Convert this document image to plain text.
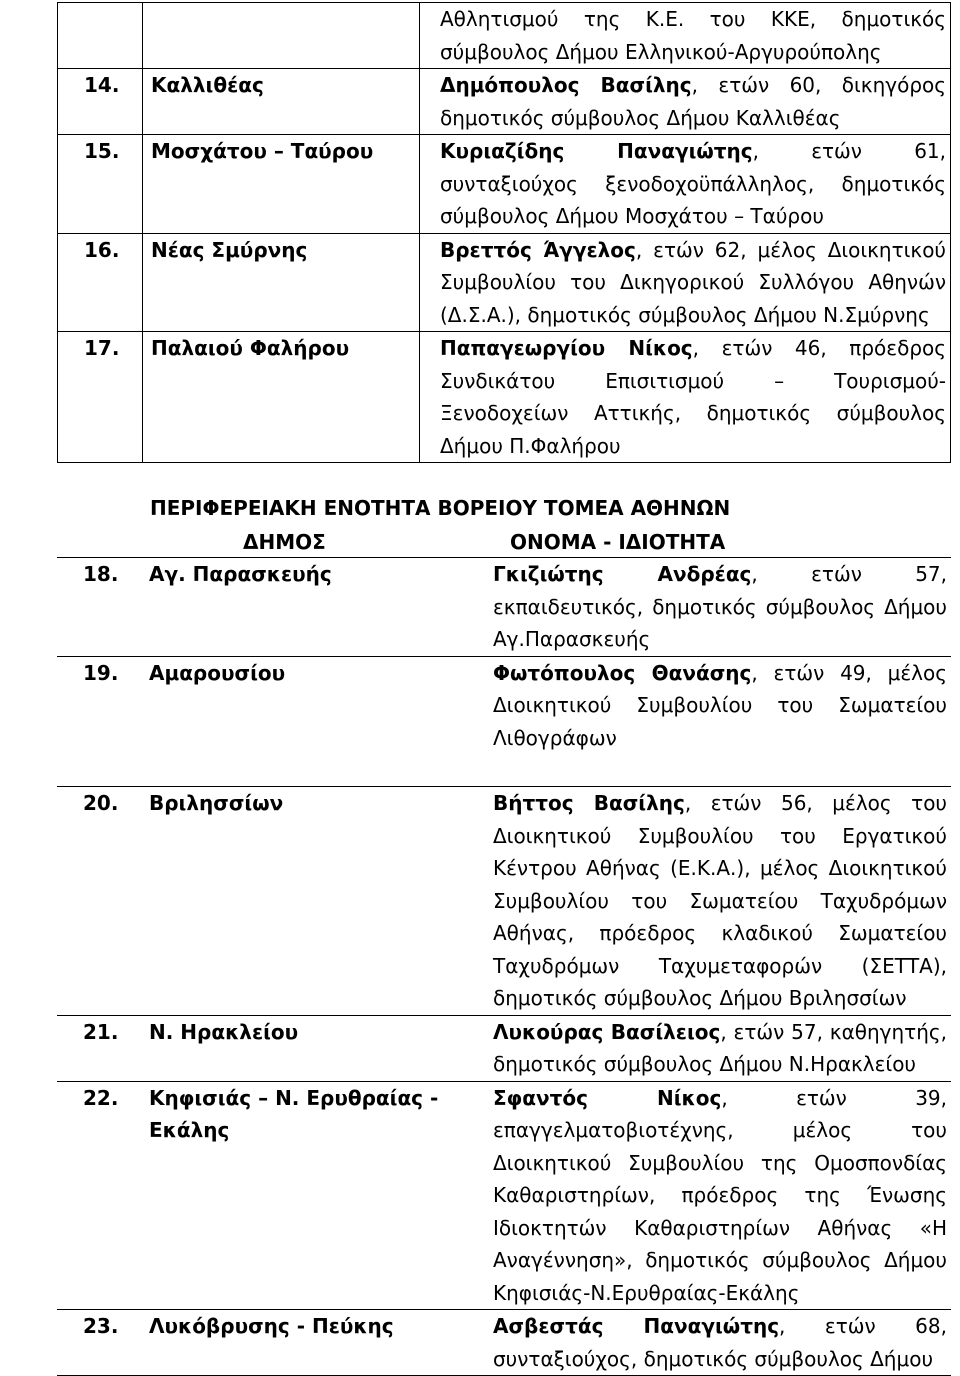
		Αθλητισμού της Κ.Ε. του ΚΚΕ, δημοτικός σύμβουλος Δήμου Ελληνικού-Αργυρούπολης
14.	Καλλιθέας	Δημόπουλος Βασίλης, ετών 60, δικηγόρος δημοτικός σύμβουλος Δήμου Καλλιθέας
15.	Μοσχάτου – Ταύρου	Κυριαζίδης Παναγιώτης, ετών 61, συνταξιούχος ξενοδοχοϋπάλληλος, δημοτικός σύμβουλος Δήμου Μοσχάτου – Ταύρου
16.	Νέας Σμύρνης	Βρεττός Άγγελος, ετών 62, μέλος Διοικητικού Συμβουλίου του Δικηγορικού Συλλόγου Αθηνών (Δ.Σ.Α.), δημοτικός σύμβουλος Δήμου Ν.Σμύρνης
17.	Παλαιού Φαλήρου	Παπαγεωργίου Νίκος, ετών 46, πρόεδρος Συνδικάτου Επισιτισμού – Τουρισμού- Ξενοδοχείων Αττικής, δημοτικός σύμβουλος Δήμου Π.Φαλήρου
ΠΕΡΙΦΕΡΕΙΑΚΗ ΕΝΟΤΗΤΑ ΒΟΡΕΙΟΥ ΤΟΜΕΑ ΑΘΗΝΩΝ
ΔΗΜΟΣ	ΟΝΟΜΑ - ΙΔΙΟΤΗΤΑ
18.	Αγ. Παρασκευής	Γκιζιώτης Ανδρέας, ετών 57, εκπαιδευτικός, δημοτικός σύμβουλος Δήμου Αγ.Παρασκευής
19.	Αμαρουσίου	Φωτόπουλος Θανάσης, ετών 49, μέλος Διοικητικού Συμβουλίου του Σωματείου Λιθογράφων
20.	Βριλησσίων	Βήττος Βασίλης, ετών 56, μέλος του Διοικητικού Συμβουλίου του Εργατικού Κέντρου Αθήνας (Ε.Κ.Α.), μέλος Διοικητικού Συμβουλίου του Σωματείου Ταχυδρόμων Αθήνας, πρόεδρος κλαδικού Σωματείου Ταχυδρόμων Ταχυμεταφορών (ΣΕΤΤΑ), δημοτικός σύμβουλος Δήμου Βριλησσίων
21.	Ν. Ηρακλείου	Λυκούρας Βασίλειος, ετών 57, καθηγητής, δημοτικός σύμβουλος Δήμου Ν.Ηρακλείου
22.	Κηφισιάς – Ν. Ερυθραίας - Εκάλης	Σφαντός Νίκος, ετών 39, επαγγελματοβιοτέχνης, μέλος του Διοικητικού Συμβουλίου της Ομοσπονδίας Καθαριστηρίων, πρόεδρος της Ένωσης Ιδιοκτητών Καθαριστηρίων Αθήνας «Η Αναγέννηση», δημοτικός σύμβουλος Δήμου Κηφισιάς-Ν.Ερυθραίας-Εκάλης
23.	Λυκόβρυσης - Πεύκης	Ασβεστάς Παναγιώτης, ετών 68, συνταξιούχος, δημοτικός σύμβουλος Δήμου
